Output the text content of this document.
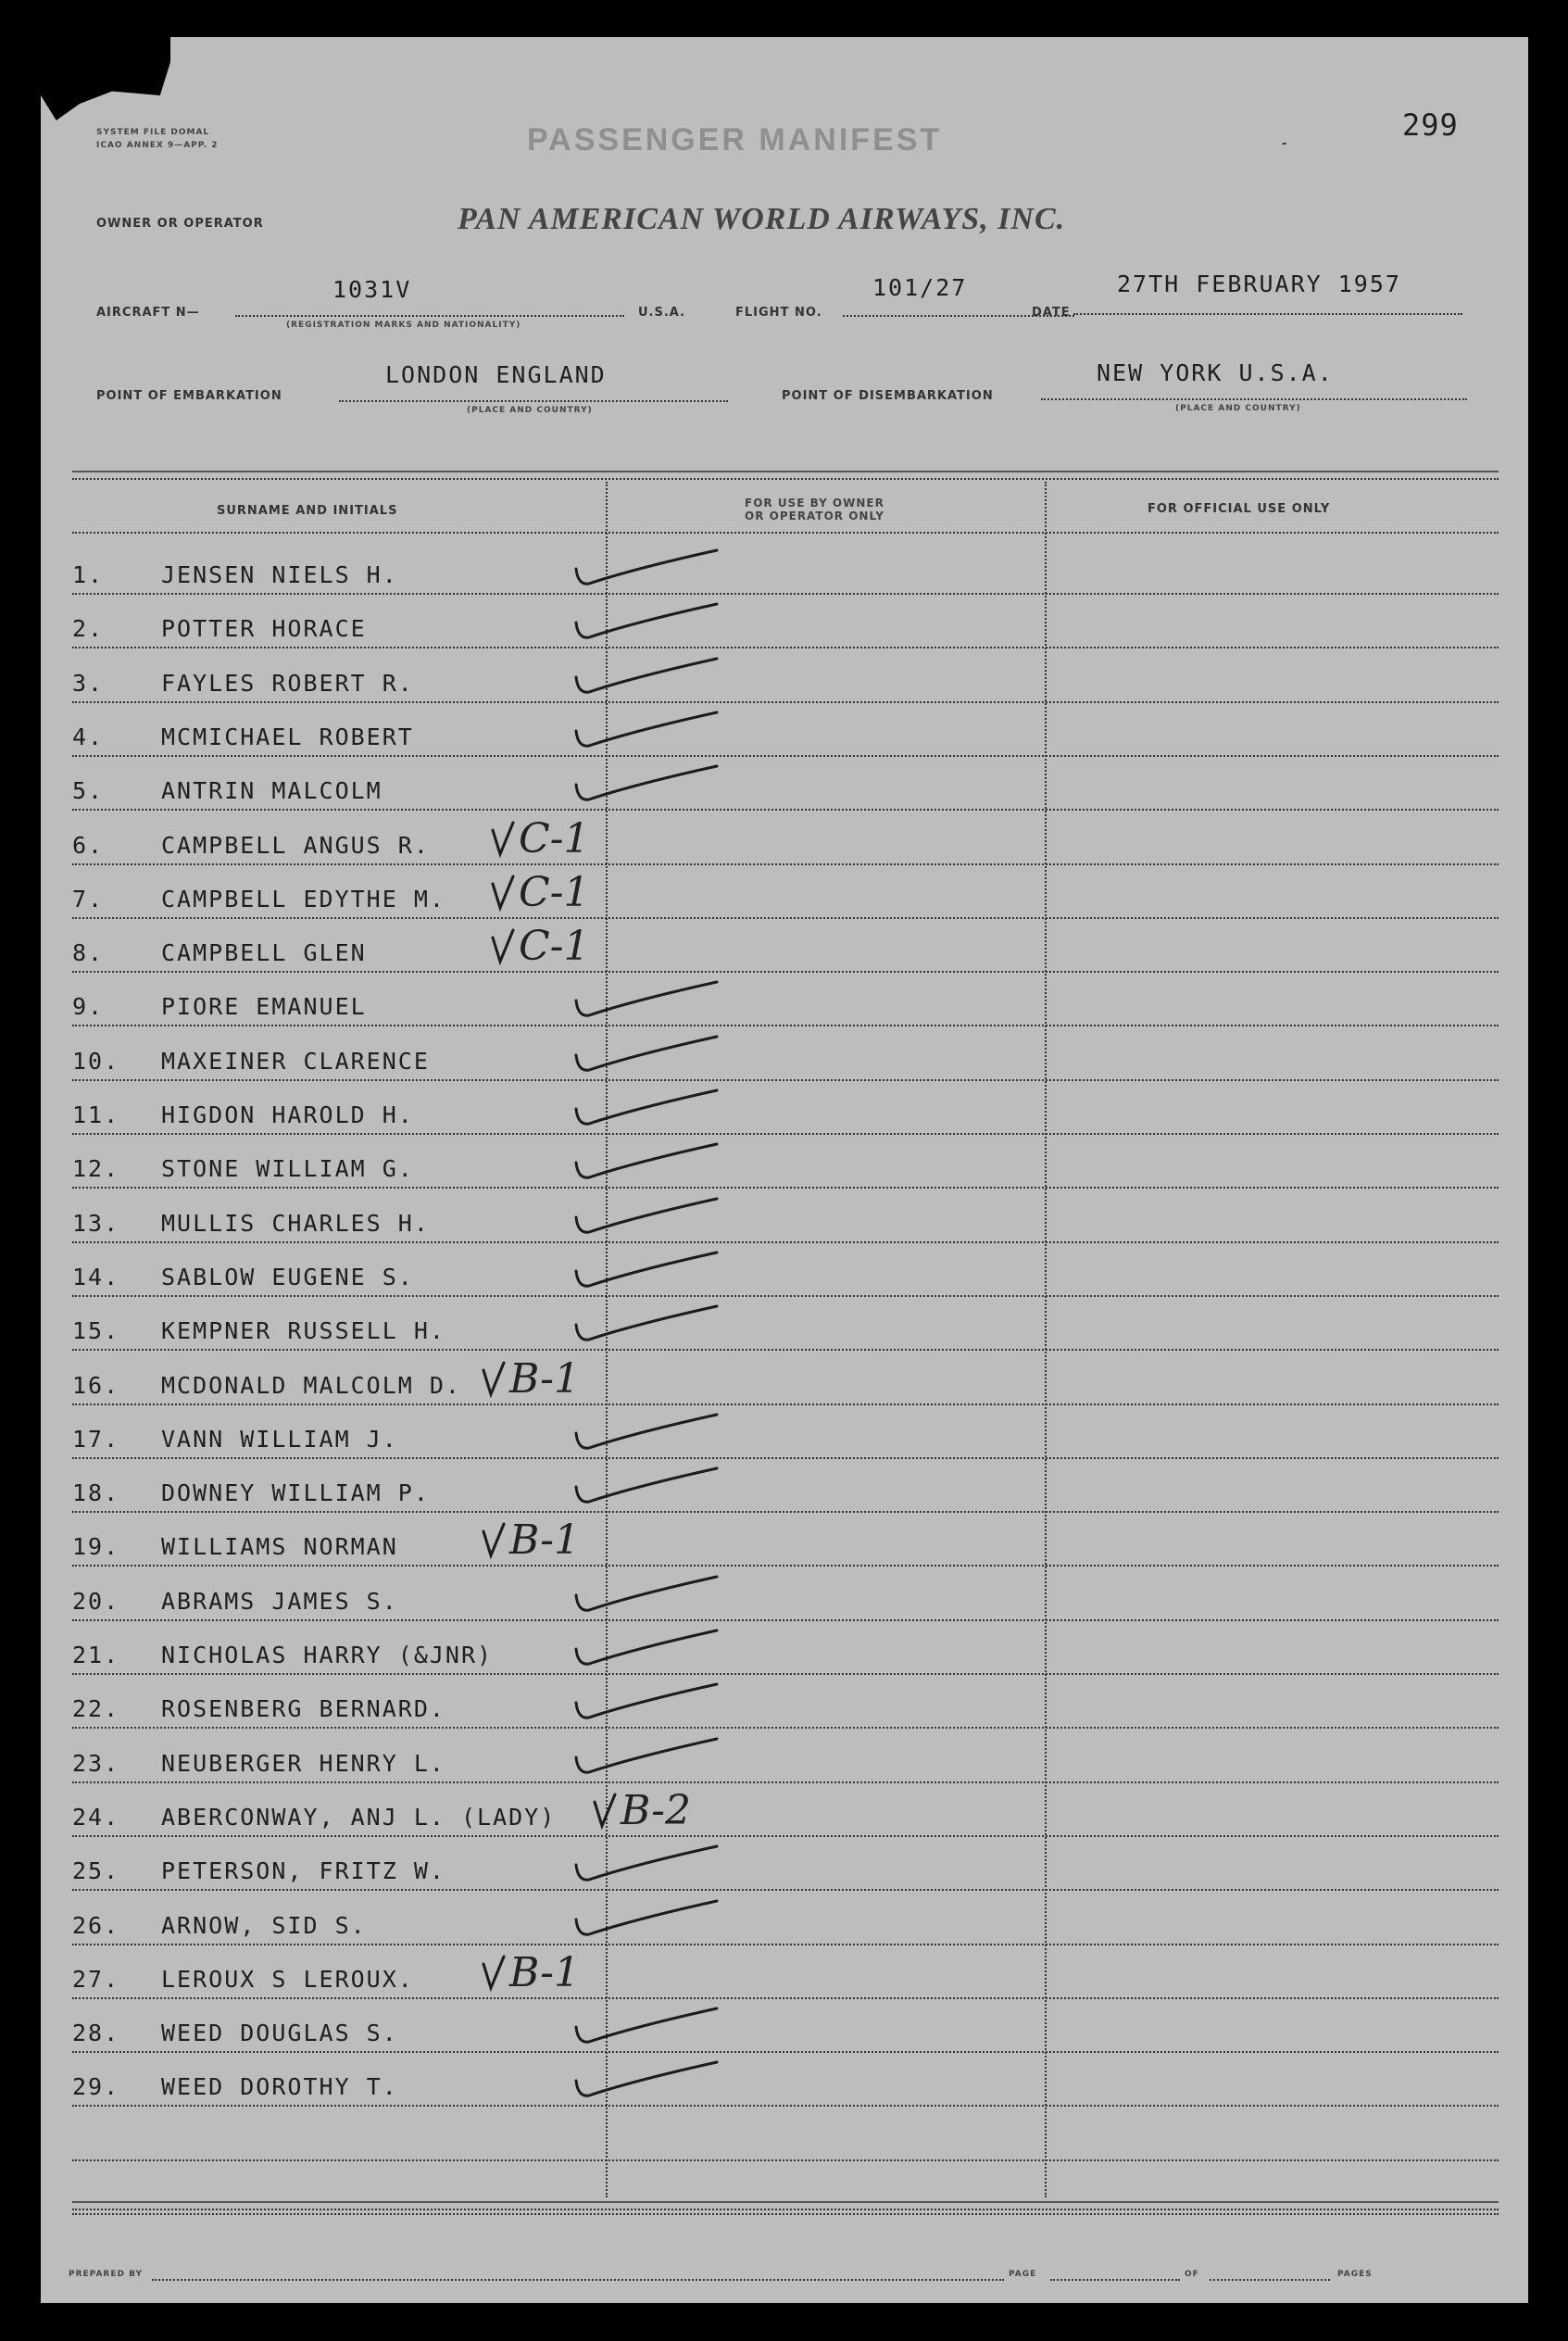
299
SYSTEM FILE DOMAL
ICAO ANNEX 9—APP. 2	PASSENGER MANIFEST	-
OWNER OR OPERATOR	PAN AMERICAN WORLD AIRWAYS, INC.
AIRCRAFT N—
1031V
(REGISTRATION MARKS AND NATIONALITY)
U.S.A.	FLIGHT NO.
101/27
DATE
27TH FEBRUARY 1957
POINT OF EMBARKATION
LONDON ENGLAND
(PLACE AND COUNTRY)
POINT OF DISEMBARKATION
NEW YORK U.S.A.
(PLACE AND COUNTRY)
SURNAME AND INITIALS
FOR USE BY OWNER
OR OPERATOR ONLY	FOR OFFICIAL USE ONLY
1.	JENSEN NIELS H.
2.	POTTER HORACE
3.	FAYLES ROBERT R.
4.	MCMICHAEL ROBERT
5.	ANTRIN MALCOLM
6.	CAMPBELL ANGUS R. C-1
7.	CAMPBELL EDYTHE M. C-1
8.	CAMPBELL GLEN	C-1
9.	PIORE EMANUEL
10.	MAXEINER CLARENCE
11.	HIGDON HAROLD H.
12.	STONE WILLIAM G.
13.	MULLIS CHARLES H.
14.	SABLOW EUGENE S.
15.	KEMPNER RUSSELL H.
16.	MCDONALD MALCOLM D. B-1
17.	VANN WILLIAM J.
18.	DOWNEY WILLIAM P.
19.	WILLIAMS NORMAN	B-1
20.	ABRAMS JAMES S.
21.	NICHOLAS HARRY (&JNR)
22.	ROSENBERG BERNARD.
23.	NEUBERGER HENRY L.
24.	ABERCONWAY, ANJ L. (LADY) B-2
25.	PETERSON, FRITZ W.
26.	ARNOW, SID S.
27.	LEROUX S LEROUX. B-1
28.	WEED DOUGLAS S.
29.	WEED DOROTHY T.
PREPARED BY	PAGE	OF	PAGES
